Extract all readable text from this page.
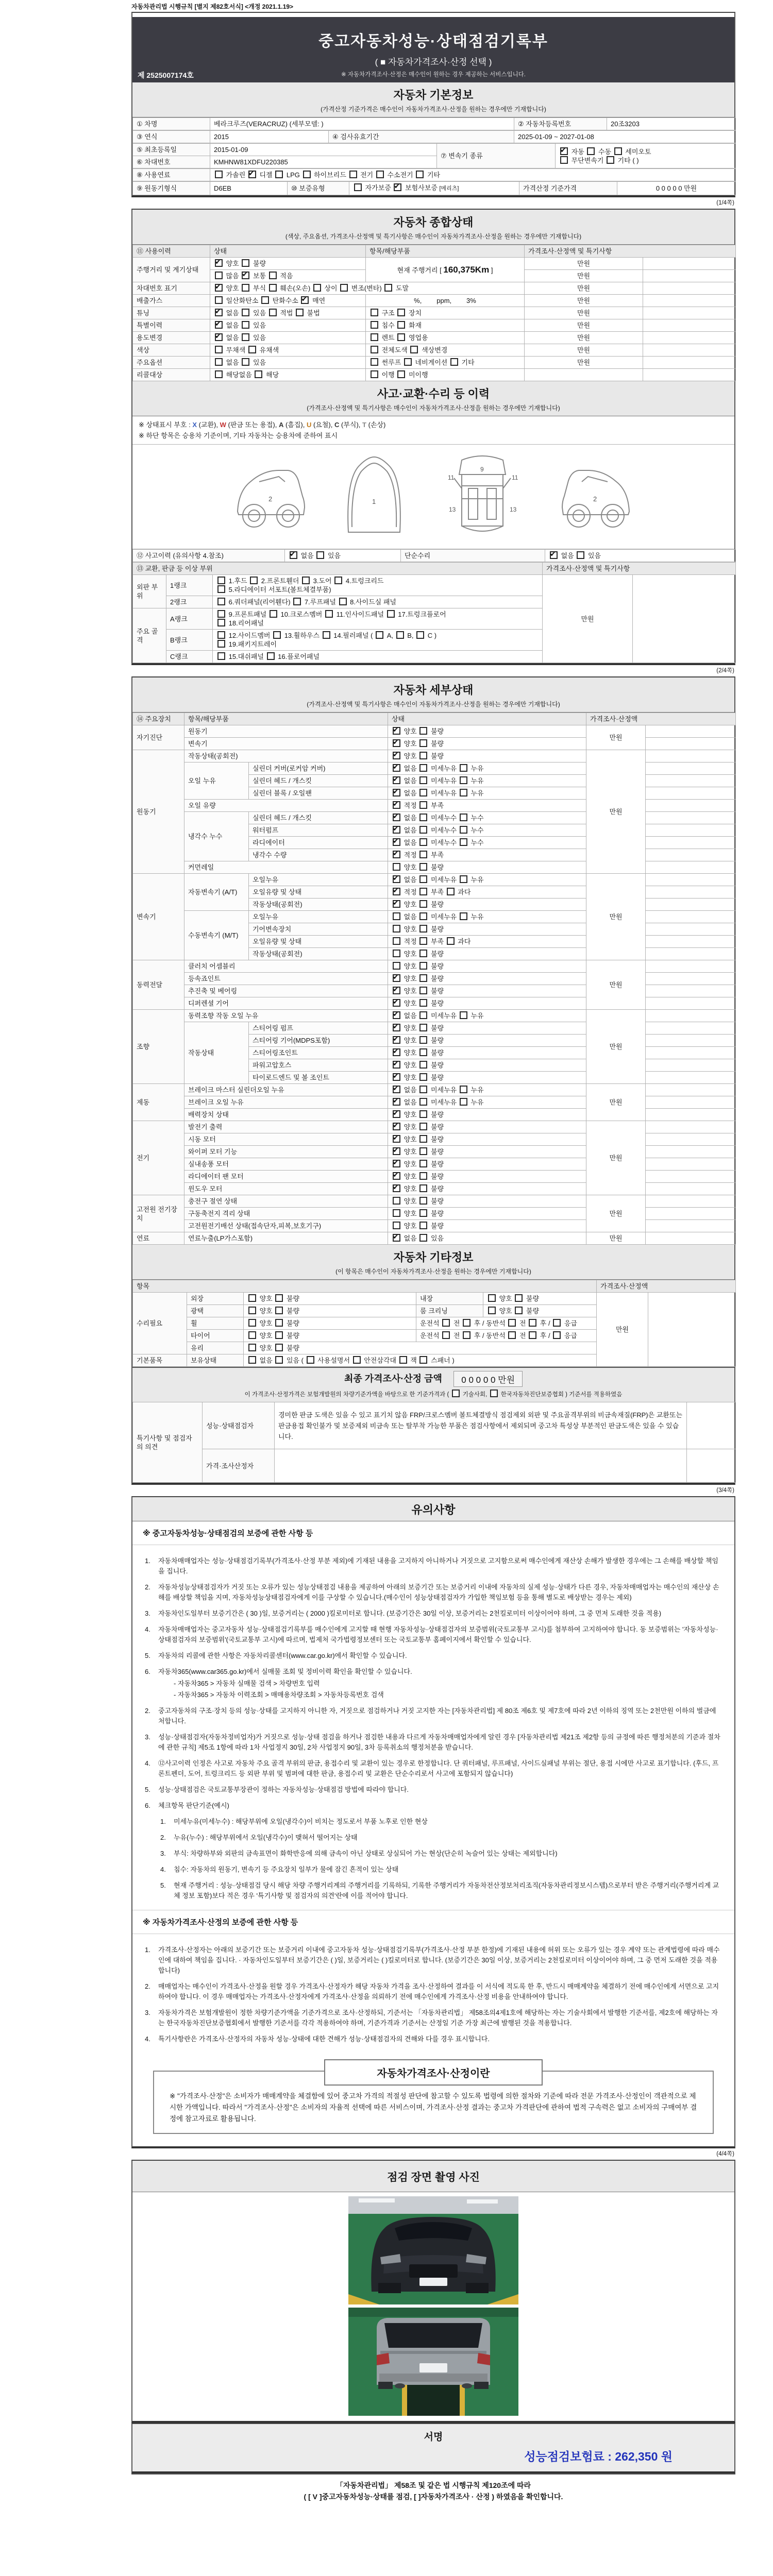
자동차관리법 시행규칙 [별지 제82호서식] <개정 2021.1.19>
중고자동차성능·상태점검기록부
( ■ 자동차가격조사·산정 선택 )
※ 자동차가격조사·산정은 매수인이 원하는 경우 제공하는 서비스입니다.
제 2525007174호
자동차 기본정보
(가격산정 기준가격은 매수인이 자동차가격조사·산정을 원하는 경우에만 기재합니다)
① 차명	베라크루즈(VERACRUZ) (세부모델: )	② 자동차등록번호	20조3203
③ 연식	2015	④ 검사유효기간	2025-01-09 ~ 2027-01-08
⑤ 최초등록일	2015-01-09	⑦ 변속기 종류	✔ 자동  수동  세미오토
무단변속기  기타 ( )
⑥ 차대번호	KMHNW81XDFU220385		
⑧ 사용연료	가솔린 ✔ 디젤  LPG  하이브리드  전기  수소전기  기타
⑨ 원동기형식	D6EB	⑩ 보증유형	자가보증 ✔ 보험사보증 [메리츠]	가격산정 기준가격	0 0 0 0 0 만원
(1/4쪽)
자동차 종합상태
(색상, 주요옵션, 가격조사·산정액 및 특기사항은 매수인이 자동차가격조사·산정을 원하는 경우에만 기재합니다)
⑪ 사용이력	상태	항목/해당부품	가격조사·산정액 및 특기사항	
주행거리 및 계기상태	✔ 양호  불량	현재 주행거리 [ 160,375Km ]	만원	
	많음 ✔ 보통  적음		만원	
차대번호 표기	✔ 양호  부식  훼손(오손)  상이  변조(변타)  도말		만원	
배출가스	일산화탄소  탄화수소 ✔ 매연	%,        ppm,        3%	만원	
튜닝	✔ 없음  있음  적법  불법	구조  장치	만원	
특별이력	✔ 없음  있음	침수  화재	만원	
용도변경	✔ 없음  있음	렌트  영업용	만원	
색상	무채색  유채색	전체도색  색상변경	만원	
주요옵션	없음  있음	썬루프  네비게이션  기타	만원	
리콜대상	해당없음  해당	이행  미이행		
사고·교환·수리 등 이력
(가격조사·산정액 및 특기사항은 매수인이 자동차가격조사·산정을 원하는 경우에만 기재합니다)
※ 상태표시 부호 : X (교환), W (판금 또는 용접), A (흠집), U (요철), C (부식), T (손상)
※ 하단 항목은 승용차 기준이며, 기타 자동차는 승용차에 준하여 표시
2	1
11	11
9
13	13
2
⑫ 사고이력 (유의사항 4.참조)	✔ 없음  있음	단순수리	✔ 없음  있음
⑬ 교환, 판금 등 이상 부위			가격조사·산정액 및 특기사항	
외판 부위	1랭크	1.후드  2.프론트휀더  3.도어  4.트렁크리드
5.라디에이터 서포트(볼트체결부품)	만원	
	2랭크	6.쿼더패널(리어휀다)  7.루프패널  8.사이드실 패널		
주요 골격	A랭크	9.프론트패널  10.크로스멤버  11.인사이드패널  17.트렁크플로어
18.리어패널		
	B랭크	12.사이드멤버  13.휠하우스  14.필러패널 (  A,  B,  C )
19.패키지트레이		
	C랭크	15.대쉬패널  16.플로어패널		
(2/4쪽)
자동차 세부상태
(가격조사·산정액 및 특기사항은 매수인이 자동차가격조사·산정을 원하는 경우에만 기재합니다)
⑭ 주요장치	항목/해당부품		상태	가격조사·산정액	
자기진단	원동기	✔ 양호  불량	만원	
	변속기	✔ 양호  불량	
원동기	작동상태(공회전)	✔ 양호  불량	만원	
	오일 누유	실린더 커버(로커암 커버)	✔ 없음  미세누유  누유	
		실린더 헤드 / 개스킷	✔ 없음  미세누유  누유	
		실린더 블록 / 오일팬	✔ 없음  미세누유  누유	
	오일 유량	✔ 적정  부족	
	냉각수 누수	실린더 헤드 / 개스킷	✔ 없음  미세누수  누수	
		워터펌프	✔ 없음  미세누수  누수	
		라디에이터	✔ 없음  미세누수  누수	
		냉각수 수량	✔ 적정  부족	
	커먼레일		양호  불량		
변속기	자동변속기 (A/T)	오일누유	✔ 없음  미세누유  누유	만원	
		오일유량 및 상태	✔ 적정  부족  과다	
		작동상태(공회전)	✔ 양호  불량	
	수동변속기 (M/T)	오일누유	없음  미세누유  누유		
		기어변속장치	양호  불량		
		오일유량 및 상태	적정  부족  과다		
		작동상태(공회전)	양호  불량		
동력전달	클러치 어셈블리		양호  불량	만원	
	등속죠인트	✔ 양호  불량	
	추진축 및 베어링	✔ 양호  불량	
	디퍼렌셜 기어	✔ 양호  불량	
조향	동력조향 작동 오일 누유	✔ 없음  미세누유  누유	만원	
	작동상태	스티어링 펌프	✔ 양호  불량	
		스티어링 기어(MDPS포함)	✔ 양호  불량	
		스티어링조인트	✔ 양호  불량	
		파워고압호스	✔ 양호  불량	
		타이로드엔드 및 볼 조인트	✔ 양호  불량	
제동	브레이크 마스터 실린더오일 누유	✔ 없음  미세누유  누유	만원	
	브레이크 오일 누유	✔ 없음  미세누유  누유	
	배력장치 상태	✔ 양호  불량	
전기	발전기 출력	✔ 양호  불량	만원	
	시동 모터	✔ 양호  불량	
	와이퍼 모터 기능	✔ 양호  불량	
	실내송풍 모터	✔ 양호  불량	
	라디에이터 팬 모터	✔ 양호  불량	
	윈도우 모터	✔ 양호  불량	
고전원 전기장치	충전구 절연 상태		양호  불량	만원	
	구동축전지 격리 상태		양호  불량		
	고전원전기배선 상태(접속단자,피복,보호기구)		양호  불량		
연료	연료누출(LP가스포함)	✔ 없음  있음	만원	
자동차 기타정보
(이 항목은 매수인이 자동차가격조사·산정을 원하는 경우에만 기재합니다)
항목					가격조사·산정액	
수리필요	외장	양호  불량	내장	양호  불량	만원	
	광택	양호  불량	룸 크리닝	양호  불량		
	휠	양호  불량	운전석  전  후 / 동반석  전  후 /  응급			
	타이어	양호  불량	운전석  전  후 / 동반석  전  후 /  응급			
	유리	양호  불량				
기본품목	보유상태	없음  있음 (  사용설명서  안전삼각대  잭  스패너 )				
최종 가격조사·산정 금액 0 0 0 0 0 만원
이 가격조사·산정가격은 보험개발원의 차량기준가액을 바탕으로 한 기준가격과 (  기술사회,  한국자동차진단보증협회 ) 기준서를 적용하였음
특기사항 및 점검자의 의견	성능·상태점검자	경미한 판금 도색은 있을 수 있고 표기치 않음 FRP/크로스멤버 볼트체결방식 점검제외 외판 및 주요골격부위의 비금속재질(FRP)은 교환또는 판금용접 확인불가 및 보증제외 비금속 또는 탈부착 가능한 부품은 점검사항에서 제외되며 중고차 특성상 부분적인 판금도색은 있을 수 있습니다.	
	가격·조사산정자		
(3/4쪽)
유의사항
※ 중고자동차성능·상태점검의 보증에 관한 사항 등
1.	자동차매매업자는 성능·상태점검기록부(가격조사·산정 부분 제외)에 기재된 내용을 고지하지 아니하거나 거짓으로 고지함으로써 매수인에게 재산상 손해가 발생한 경우에는 그 손해를 배상할 책임을 집니다.
2.	자동차성능상태점검자가 거짓 또는 오류가 있는 성능상태점검 내용을 제공하여 아래의 보증기간 또는 보증거리 이내에 자동차의 실제 성능·상태가 다른 경우, 자동차매매업자는 매수인의 재산상 손해를 배상할 책임을 지며, 자동차성능상태점검자에게 이를 구상할 수 있습니다.(매수인이 성능상태점검자가 가입한 책임보험 등을 통해 별도로 배상받는 경우는 제외)
3.	자동차인도일부터 보증기간은 ( 30 )일, 보증거리는 ( 2000 )킬로미터로 합니다. (보증기간은 30일 이상, 보증거리는 2천킬로미터 이상이어야 하며, 그 중 먼저 도래한 것을 적용)
4.	자동차매매업자는 중고자동차 성능·상태점검기록부를 매수인에게 고지할 때 현행 자동차성능·상태점검자의 보증범위(국토교통부 고시)를 첨부하여 고지하여야 합니다. 동 보증범위는 '자동차성능·상태점검자의 보증범위'(국토교통부 고시)에 따르며, 법제처 국가법령정보센터 또는 국토교통부 홈페이지에서 확인할 수 있습니다.
5.	자동차의 리콜에 관한 사항은 자동차리콜센터(www.car.go.kr)에서 확인할 수 있습니다.
6.	자동차365(www.car365.go.kr)에서 실매물 조회 및 정비이력 확인을 확인할 수 있습니다.
- 자동차365 > 자동차 실매물 검색 > 차량번호 입력
- 자동차365 > 자동차 이력조회 > 매매용차량조회 > 자동차등록번호 검색
2.	중고자동차의 구조·장치 등의 성능·상태를 고지하지 아니한 자, 거짓으로 점검하거나 거짓 고지한 자는 [자동차관리법] 제 80조 제6호 및 제7호에 따라 2년 이하의 징역 또는 2천만원 이하의 벌금에 처합니다.
3.	성능·상태점검자(자동차정비업자)가 거짓으로 성능·상태 점검을 하거나 점검한 내용과 다르게 자동차매매업자에게 알린 경우 [자동차관리법 제21조 제2항 등의 규정에 따른 행정처분의 기준과 절차에 관한 규칙] 제5조 1항에 따라 1차 사업정지 30일, 2차 사업정지 90일, 3차 등록취소의 행정처분을 받습니다.
4.	⑫사고이력 인정은 사고로 자동차 주요 골격 부위의 판금, 용접수리 및 교환이 있는 경우로 한정합니다. 단 쿼터패널, 루프패널, 사이드실패널 부위는 절단, 용접 시에만 사고로 표기합니다. (후드, 프론트펜더, 도어, 트렁크리드 등 외판 부위 및 범퍼에 대한 판금, 용접수리 및 교환은 단순수리로서 사고에 포함되지 않습니다)
5.	성능·상태점검은 국토교통부장관이 정하는 자동차성능·상태점검 방법에 따라야 합니다.
6.	체크항목 판단기준(예시)
1.	미세누유(미세누수) : 해당부위에 오일(냉각수)이 비치는 정도로서 부품 노후로 인한 현상
2.	누유(누수) : 해당부위에서 오일(냉각수)이 맺혀서 떨어지는 상태
3.	부식: 차량하부와 외판의 금속표면이 화학반응에 의해 금속이 아닌 상태로 상실되어 가는 현상(단순히 녹슬어 있는 상태는 제외합니다)
4.	침수: 자동차의 원동기, 변속기 등 주요장치 일부가 물에 잠긴 흔적이 있는 상태
5.	현재 주행거리 : 성능·상태점검 당시 해당 차량 주행거리계의 주행거리를 기록하되, 기록한 주행거리가 자동차전산정보처리조직(자동차관리정보시스템)으로부터 받은 주행거리(주행거리계 교체 정보 포함)보다 적은 경우 '특기사항 및 점검자의 의견'란에 이를 적어야 합니다.
※ 자동차가격조사·산정의 보증에 관한 사항 등
1.	가격조사·산정자는 아래의 보증기간 또는 보증거리 이내에 중고자동차 성능·상태점검기록부(가격조사·산정 부분 한정)에 기재된 내용에 허위 또는 오류가 있는 경우 계약 또는 관계법령에 따라 매수인에 대하여 책임을 집니다. · 자동차인도일부터 보증기간은 ( )일, 보증거리는 ( )킬로미터로 합니다. (보증기간은 30일 이상, 보증거리는 2천킬로미터 이상이어야 하며, 그 중 먼저 도래한 것을 적용합니다)
2.	매매업자는 매수인이 가격조사·산정을 원할 경우 가격조사·산정자가 해당 자동차 가격을 조사·산정하여 결과를 이 서식에 적도록 한 후, 반드시 매매계약을 체결하기 전에 매수인에게 서면으로 고지하여야 합니다. 이 경우 매매업자는 가격조사·산정자에게 가격조사·산정을 의뢰하기 전에 매수인에게 가격조사·산정 비용을 안내하여야 합니다.
3.	자동차가격은 보험개발원이 정한 차량기준가액을 기준가격으로 조사·산정하되, 기준서는 「자동차관리법」 제58조의4제1호에 해당하는 자는 기술사회에서 발행한 기준서를, 제2호에 해당하는 자는 한국자동차진단보증협회에서 발행한 기준서를 각각 적용하여야 하며, 기준가격과 기준서는 산정일 기준 가장 최근에 발행된 것을 적용합니다.
4.	특기사항란은 가격조사·산정자의 자동차 성능·상태에 대한 견해가 성능·상태점검자의 견해와 다를 경우 표시합니다.
자동차가격조사·산정이란
※ "가격조사·산정"은 소비자가 매매계약을 체결함에 있어 중고차 가격의 적절성 판단에 참고할 수 있도록 법령에 의한 절차와 기준에 따라 전문 가격조사·산정인이 객관적으로 제시한 가액입니다. 따라서 "가격조사·산정"은 소비자의 자율적 선택에 따른 서비스이며, 가격조사·산정 결과는 중고차 가격판단에 관하여 법적 구속력은 없고 소비자의 구매여부 결정에 참고자료로 활용됩니다.
(4/4쪽)
점검 장면 촬영 사진
서명
성능점검보험료 : 262,350 원
「자동차관리법」 제58조 및 같은 법 시행규칙 제120조에 따라
( [ V ]중고자동차성능·상태를 점검, [ ]자동차가격조사 · 산정 ) 하였음을 확인합니다.
